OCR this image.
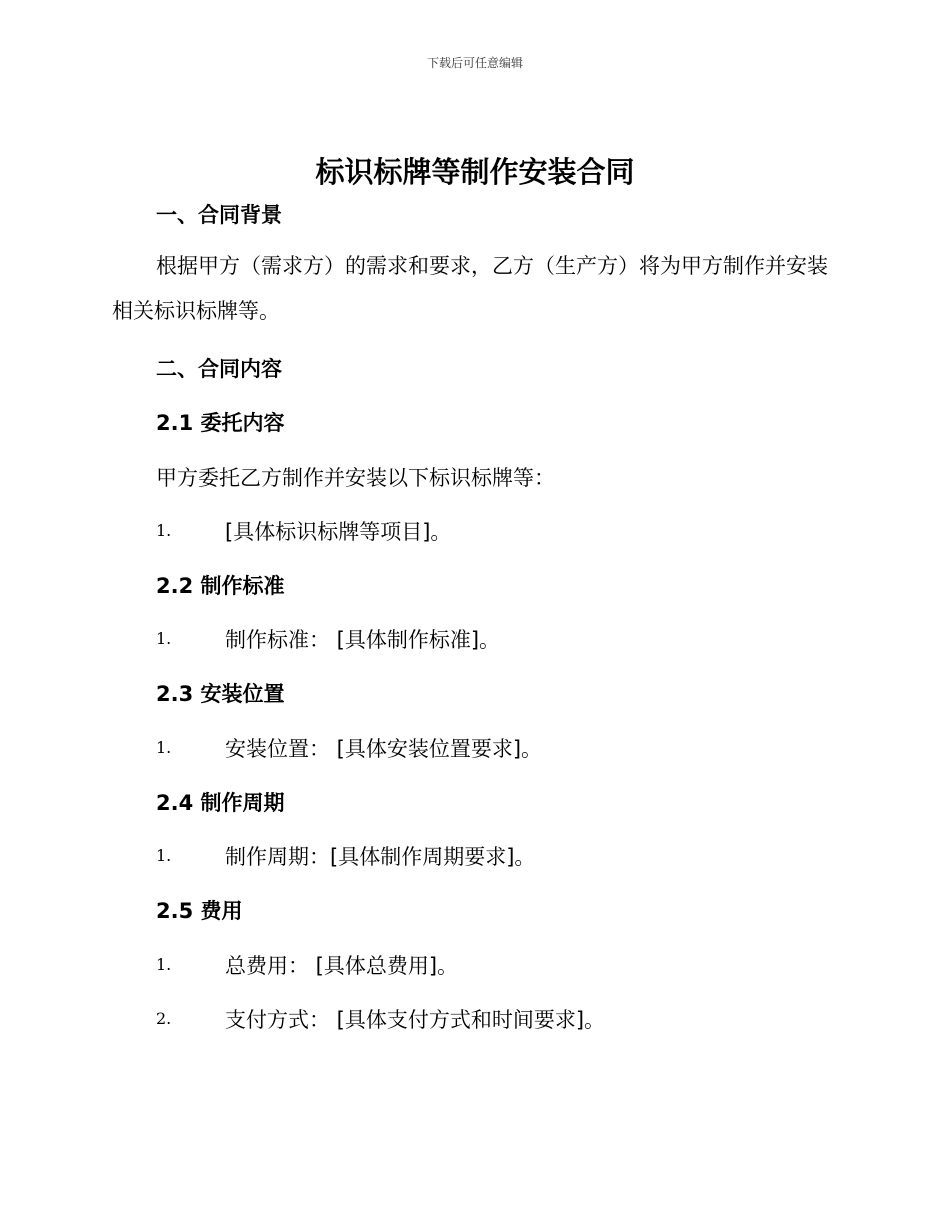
下载后可任意编辑
标识标牌等制作安装合同
一、合同背景
根据甲方（需求方）的需求和要求，乙方（生产方）将为甲方制作并安装相关标识标牌等。
二、合同内容
2.1 委托内容
甲方委托乙方制作并安装以下标识标牌等：
1.	[具体标识标牌等项目]。
2.2 制作标准
1.	制作标准： [具体制作标准]。
2.3 安装位置
1.	安装位置： [具体安装位置要求]。
2.4 制作周期
1.	制作周期：[具体制作周期要求]。
2.5 费用
1.	总费用： [具体总费用]。
2.	支付方式： [具体支付方式和时间要求]。
